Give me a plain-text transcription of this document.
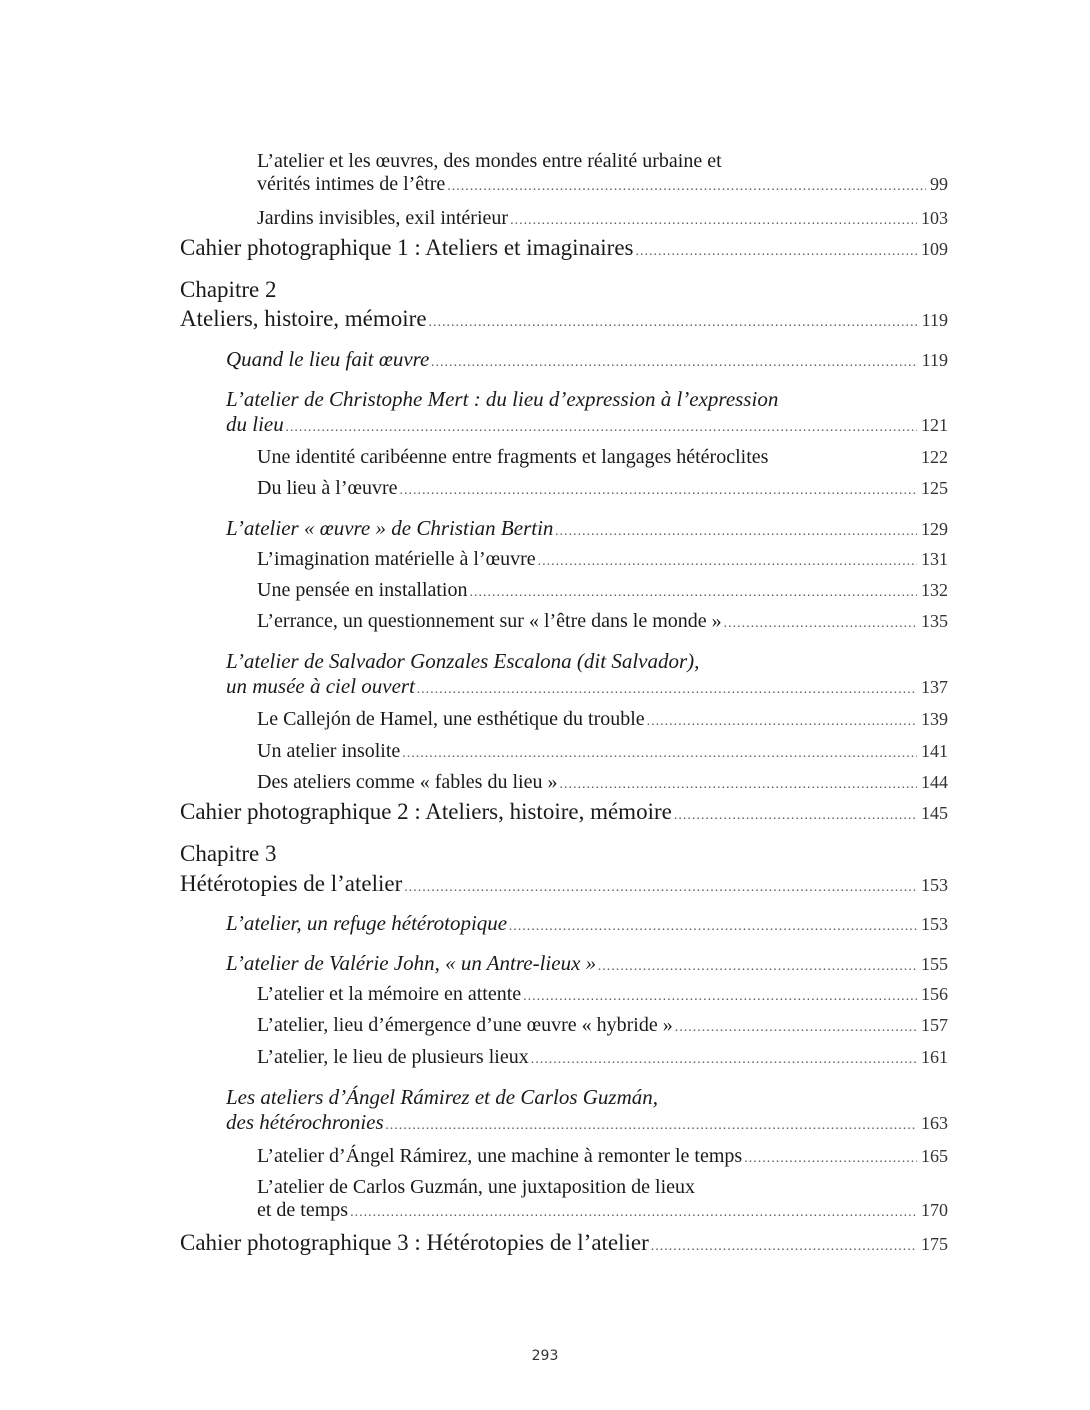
L’atelier et les œuvres, des mondes entre réalité urbaine et
vérités intimes de l’être .....	99
Jardins invisibles, exil intérieur .....	103
Cahier photographique 1 : Ateliers et imaginaires .....	109
Chapitre 2
Ateliers, histoire, mémoire .....	119
Quand le lieu fait œuvre .....	119
L’atelier de Christophe Mert : du lieu d’expression à l’expression
du lieu .....	121
Une identité caribéenne entre fragments et langages hétéroclites	122
Du lieu à l’œuvre .....	125
L’atelier « œuvre » de Christian Bertin .....	129
L’imagination matérielle à l’œuvre .....	131
Une pensée en installation .....	132
L’errance, un questionnement sur « l’être dans le monde » .....	135
L’atelier de Salvador Gonzales Escalona (dit Salvador),
un musée à ciel ouvert .....	137
Le Callejón de Hamel, une esthétique du trouble .....	139
Un atelier insolite .....	141
Des ateliers comme « fables du lieu » .....	144
Cahier photographique 2 : Ateliers, histoire, mémoire .....	145
Chapitre 3
Hétérotopies de l’atelier .....	153
L’atelier, un refuge hétérotopique .....	153
L’atelier de Valérie John, « un Antre-lieux » .....	155
L’atelier et la mémoire en attente .....	156
L’atelier, lieu d’émergence d’une œuvre « hybride » .....	157
L’atelier, le lieu de plusieurs lieux .....	161
Les ateliers d’Ángel Rámirez et de Carlos Guzmán,
des hétérochronies .....	163
L’atelier d’Ángel Rámirez, une machine à remonter le temps .....	165
L’atelier de Carlos Guzmán, une juxtaposition de lieux
et de temps .....	170
Cahier photographique 3 : Hétérotopies de l’atelier .....	175
293
